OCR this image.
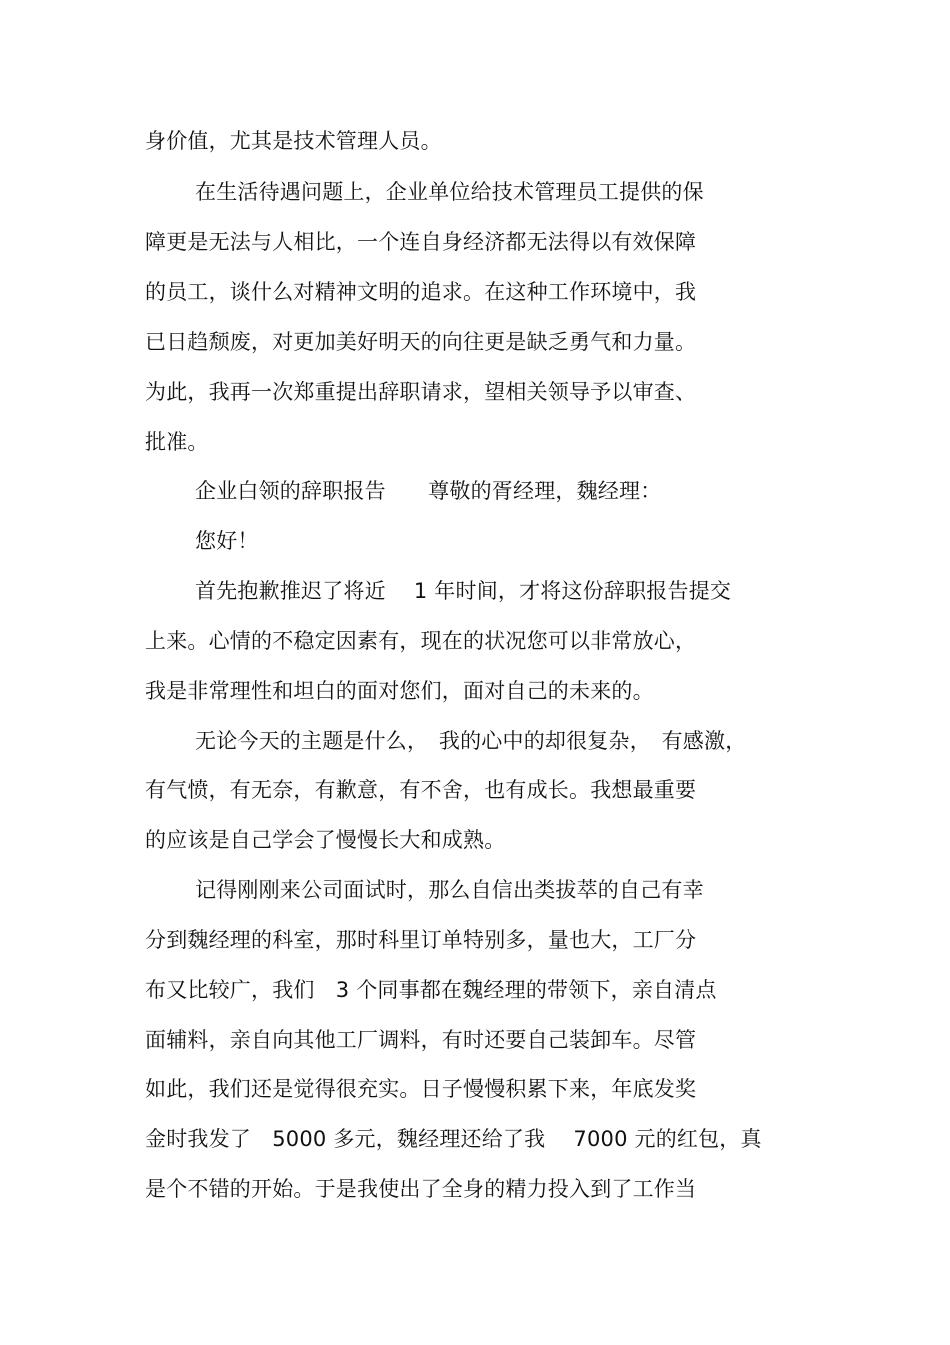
身价值，尤其是技术管理人员。
在生活待遇问题上，企业单位给技术管理员工提供的保
障更是无法与人相比，一个连自身经济都无法得以有效保障
的员工，谈什么对精神文明的追求。在这种工作环境中，我
已日趋颓废，对更加美好明天的向往更是缺乏勇气和力量。
为此，我再一次郑重提出辞职请求，望相关领导予以审查、
批准。
企业白领的辞职报告　　尊敬的胥经理，魏经理：
您好！
首先抱歉推迟了将近　 1 年时间，才将这份辞职报告提交
上来。心情的不稳定因素有，现在的状况您可以非常放心，
我是非常理性和坦白的面对您们，面对自己的未来的。
无论今天的主题是什么，　我的心中的却很复杂，　有感激，
有气愤，有无奈，有歉意，有不舍，也有成长。我想最重要
的应该是自己学会了慢慢长大和成熟。
记得刚刚来公司面试时，那么自信出类拔萃的自己有幸
分到魏经理的科室，那时科里订单特别多，量也大，工厂分
布又比较广，我们　3 个同事都在魏经理的带领下，亲自清点
面辅料，亲自向其他工厂调料，有时还要自己装卸车。尽管
如此，我们还是觉得很充实。日子慢慢积累下来，年底发奖
金时我发了　5000 多元，魏经理还给了我　 7000 元的红包，真
是个不错的开始。于是我使出了全身的精力投入到了工作当
